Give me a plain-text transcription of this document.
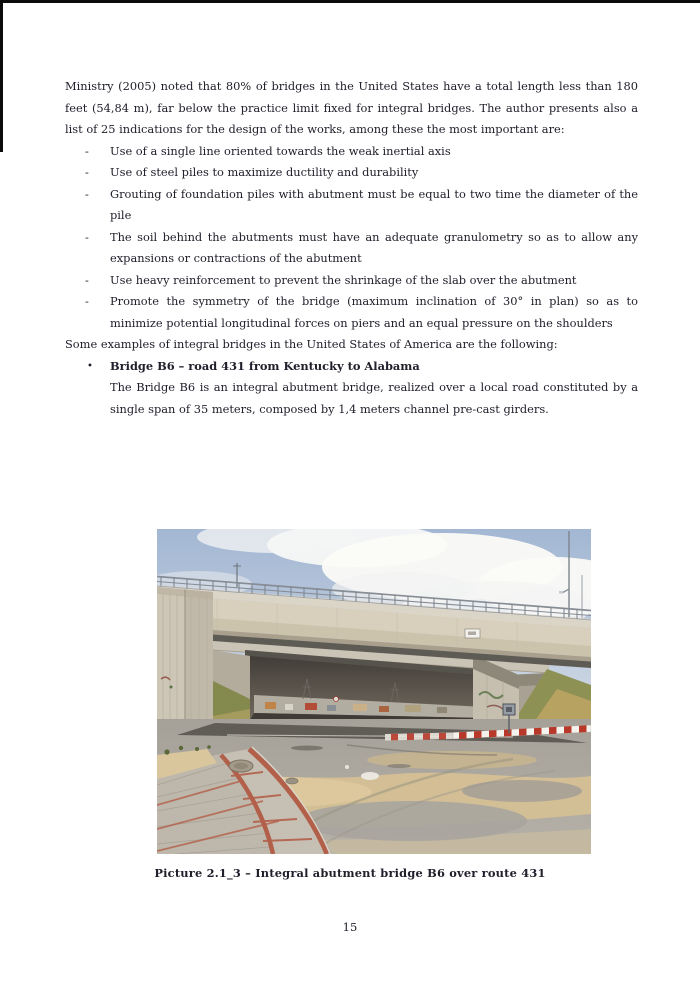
Ministry (2005) noted that 80% of bridges in the United States have a total length less than 180 feet (54,84 m), far below the practice limit fixed for integral bridges. The author presents also a list of 25 indications for the design of the works, among these the most important are:

- Use of a single line oriented towards the weak inertial axis
- Use of steel piles to maximize ductility and durability
- Grouting of foundation piles with abutment must be equal to two time the diameter of the pile
- The soil behind the abutments must have an adequate granulometry so as to allow any expansions or contractions of the abutment
- Use heavy reinforcement to prevent the shrinkage of the slab over the abutment
- Promote the symmetry of the bridge (maximum inclination of 30° in plan) so as to minimize potential longitudinal forces on piers and an equal pressure on the shoulders

Some examples of integral bridges in the United States of America are the following:

• Bridge B6 – road 431 from Kentucky to Alabama

The Bridge B6 is an integral abutment bridge, realized over a local road constituted by a single span of 35 meters, composed by 1,4 meters channel pre-cast girders.

Picture 2.1_3 – Integral abutment bridge B6 over route 431
15
